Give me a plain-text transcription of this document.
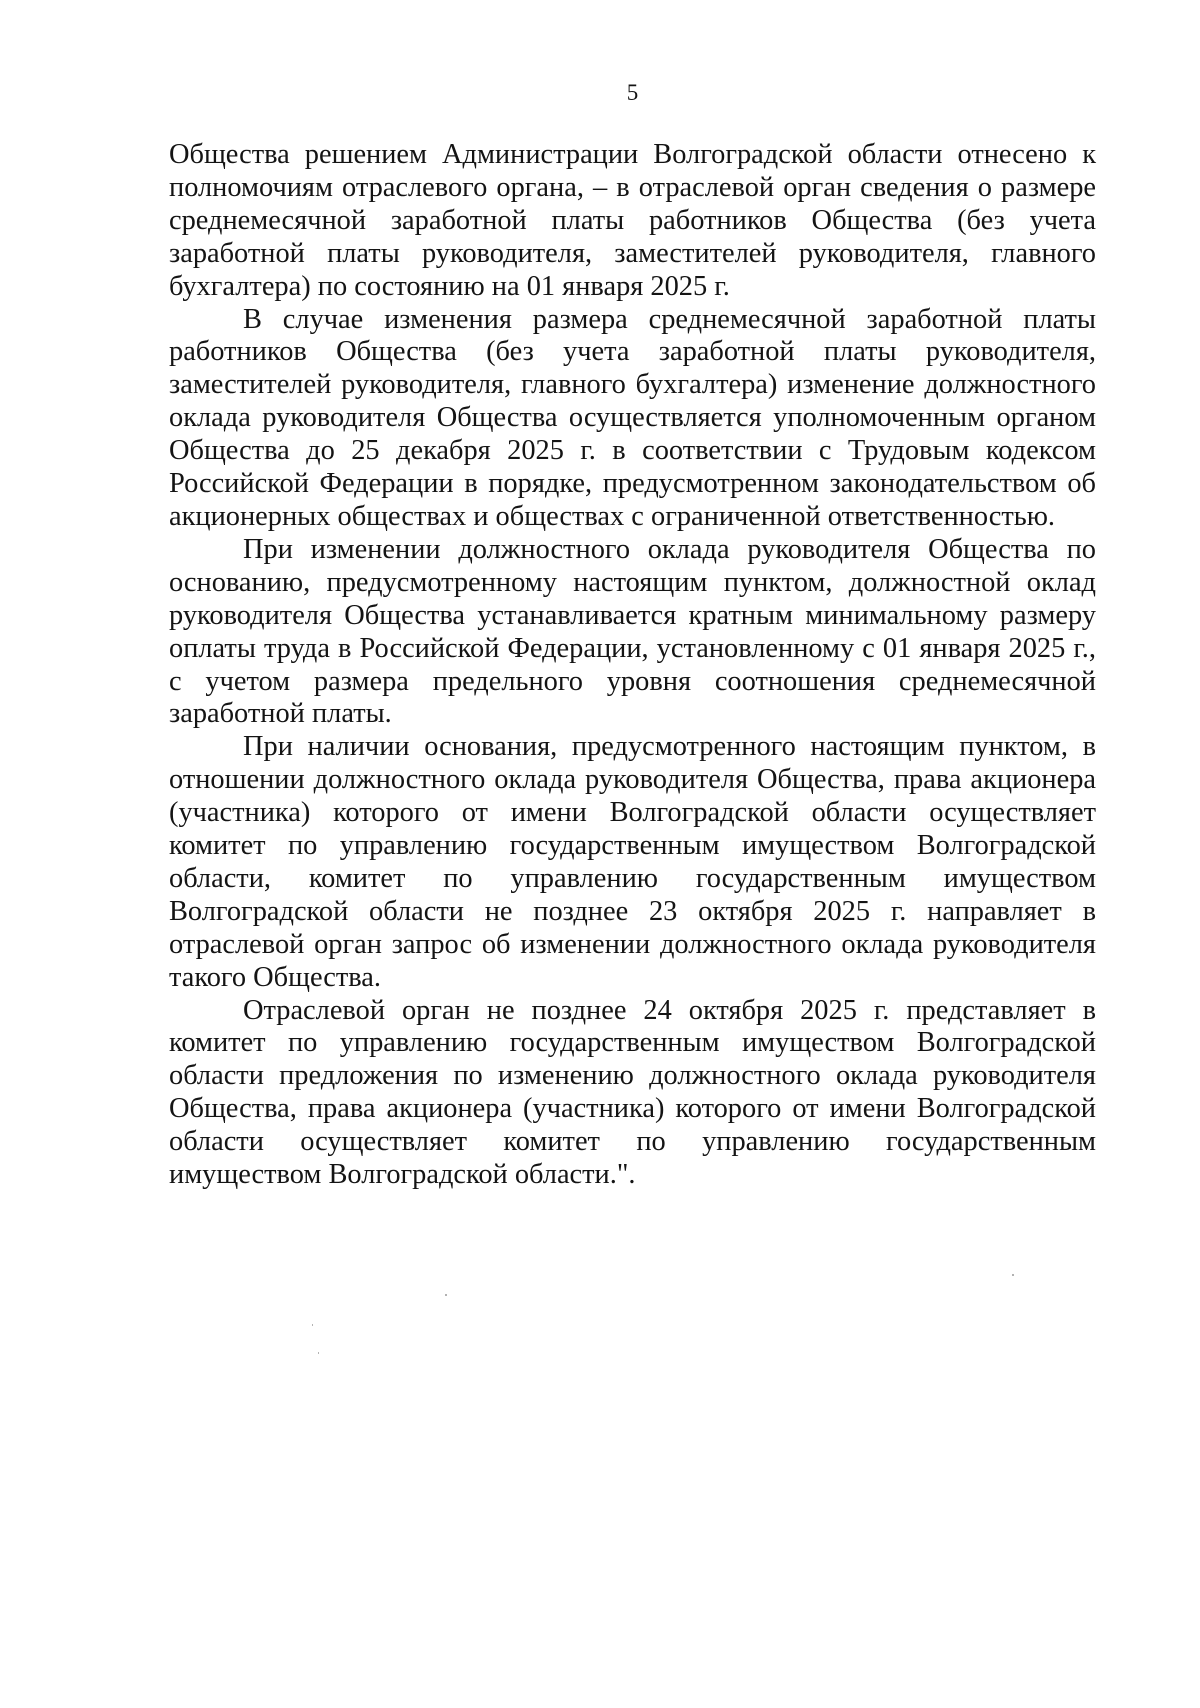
5

Общества решением Администрации Волгоградской области отнесено к полномочиям отраслевого органа, – в отраслевой орган сведения о размере среднемесячной заработной платы работников Общества (без учета заработной платы руководителя, заместителей руководителя, главного бухгалтера) по состоянию на 01 января 2025 г.

В случае изменения размера среднемесячной заработной платы работников Общества (без учета заработной платы руководителя, заместителей руководителя, главного бухгалтера) изменение должностного оклада руководителя Общества осуществляется уполномоченным органом Общества до 25 декабря 2025 г. в соответствии с Трудовым кодексом Российской Федерации в порядке, предусмотренном законодательством об акционерных обществах и обществах с ограниченной ответственностью.

При изменении должностного оклада руководителя Общества по основанию, предусмотренному настоящим пунктом, должностной оклад руководителя Общества устанавливается кратным минимальному размеру оплаты труда в Российской Федерации, установленному с 01 января 2025 г., с учетом размера предельного уровня соотношения среднемесячной заработной платы.

При наличии основания, предусмотренного настоящим пунктом, в отношении должностного оклада руководителя Общества, права акционера (участника) которого от имени Волгоградской области осуществляет комитет по управлению государственным имуществом Волгоградской области, комитет по управлению государственным имуществом Волгоградской области не позднее 23 октября 2025 г. направляет в отраслевой орган запрос об изменении должностного оклада руководителя такого Общества.

Отраслевой орган не позднее 24 октября 2025 г. представляет в комитет по управлению государственным имуществом Волгоградской области предложения по изменению должностного оклада руководителя Общества, права акционера (участника) которого от имени Волгоградской области осуществляет комитет по управлению государственным имуществом Волгоградской области.".
